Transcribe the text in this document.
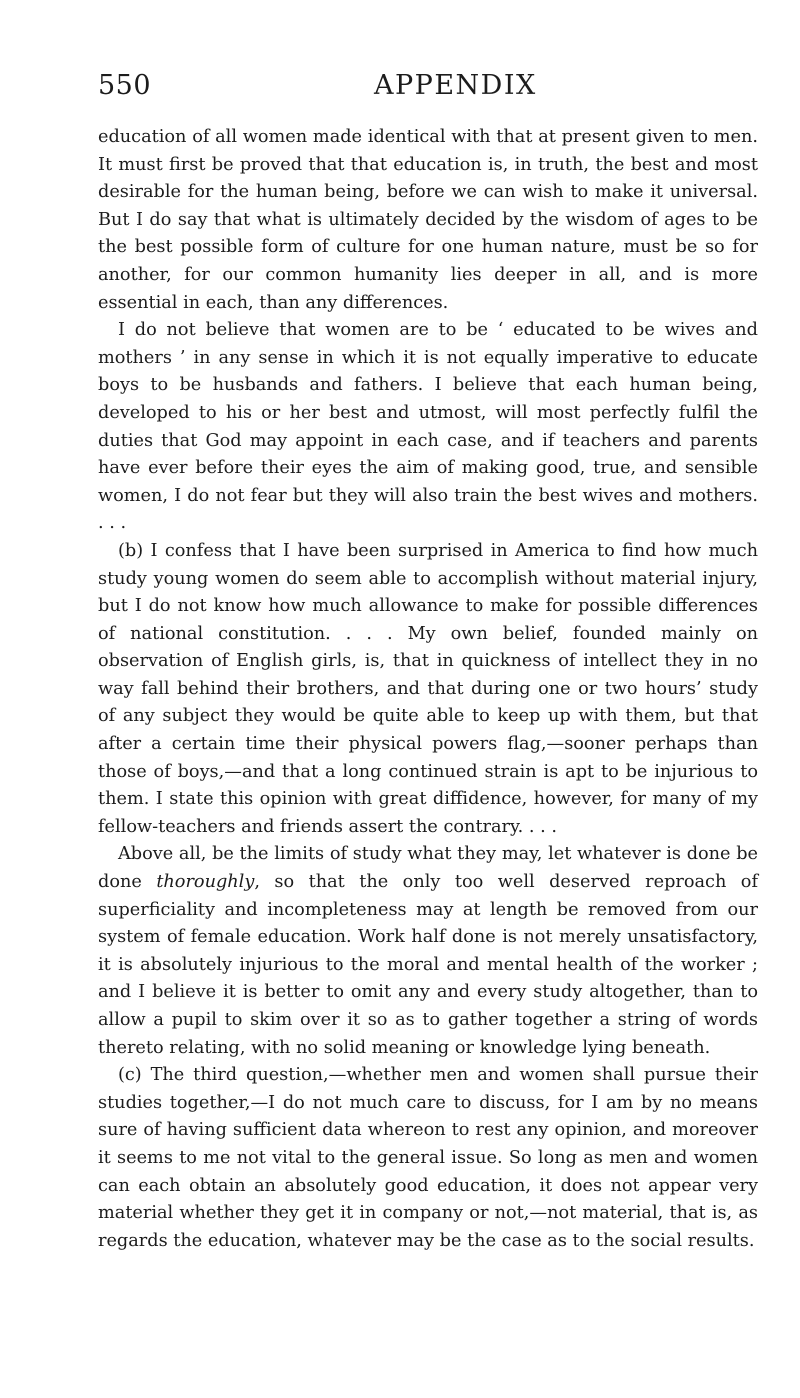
550	APPENDIX

education of all women made identical with that at present given to men. It must first be proved that that education is, in truth, the best and most desirable for the human being, before we can wish to make it universal. But I do say that what is ultimately decided by the wisdom of ages to be the best possible form of culture for one human nature, must be so for another, for our common humanity lies deeper in all, and is more essential in each, than any differences.

I do not believe that women are to be ‘ educated to be wives and mothers ’ in any sense in which it is not equally imperative to educate boys to be husbands and fathers. I believe that each human being, developed to his or her best and utmost, will most perfectly fulfil the duties that God may appoint in each case, and if teachers and parents have ever before their eyes the aim of making good, true, and sensible women, I do not fear but they will also train the best wives and mothers. . . .

(b) I confess that I have been surprised in America to find how much study young women do seem able to accomplish without material injury, but I do not know how much allowance to make for possible differences of national constitution. . . . My own belief, founded mainly on observation of English girls, is, that in quickness of intellect they in no way fall behind their brothers, and that during one or two hours’ study of any subject they would be quite able to keep up with them, but that after a certain time their physical powers flag,—sooner perhaps than those of boys,—and that a long continued strain is apt to be injurious to them. I state this opinion with great diffidence, however, for many of my fellow-teachers and friends assert the contrary. . . .

Above all, be the limits of study what they may, let whatever is done be done thoroughly, so that the only too well deserved reproach of superficiality and incompleteness may at length be removed from our system of female education. Work half done is not merely unsatisfactory, it is absolutely injurious to the moral and mental health of the worker ; and I believe it is better to omit any and every study altogether, than to allow a pupil to skim over it so as to gather together a string of words thereto relating, with no solid meaning or knowledge lying beneath.

(c) The third question,—whether men and women shall pursue their studies together,—I do not much care to discuss, for I am by no means sure of having sufficient data whereon to rest any opinion, and moreover it seems to me not vital to the general issue. So long as men and women can each obtain an absolutely good education, it does not appear very material whether they get it in company or not,—not material, that is, as regards the education, whatever may be the case as to the social results.
